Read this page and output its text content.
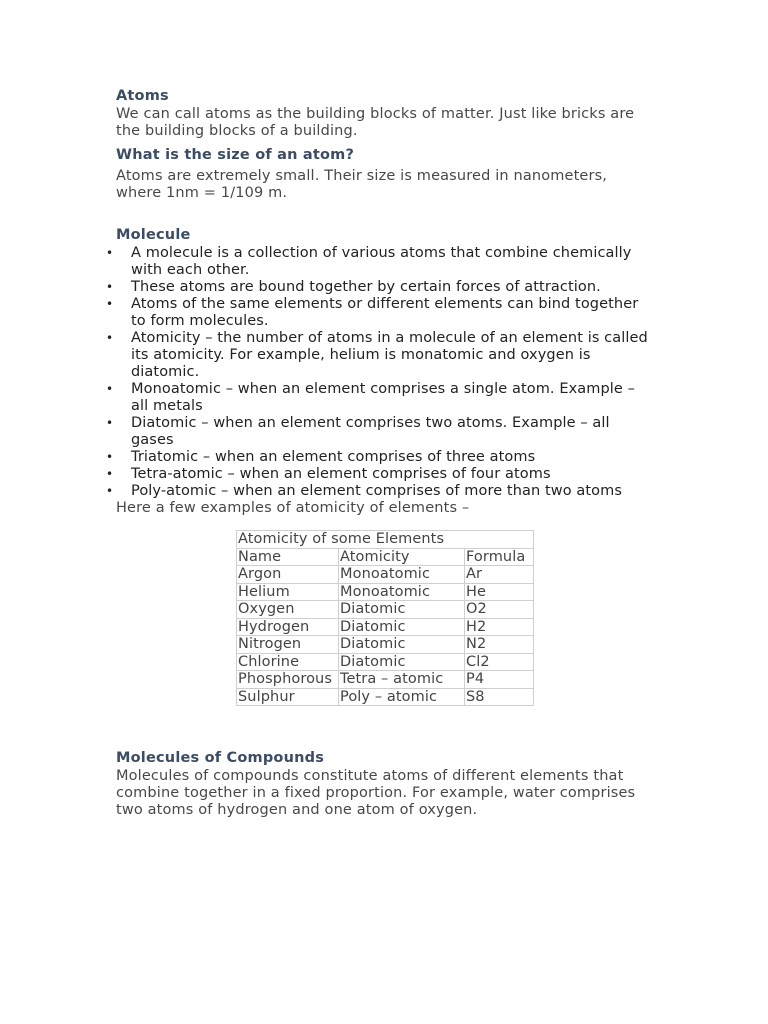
Atoms

We can call atoms as the building blocks of matter. Just like bricks are the building blocks of a building.

What is the size of an atom?

Atoms are extremely small. Their size is measured in nanometers, where 1nm = 1/109 m.

Molecule
• A molecule is a collection of various atoms that combine chemically with each other.
• These atoms are bound together by certain forces of attraction.
• Atoms of the same elements or different elements can bind together to form molecules.
• Atomicity – the number of atoms in a molecule of an element is called its atomicity. For example, helium is monatomic and oxygen is diatomic.
• Monoatomic – when an element comprises a single atom. Example – all metals
• Diatomic – when an element comprises two atoms. Example – all gases
• Triatomic – when an element comprises of three atoms
• Tetra-atomic – when an element comprises of four atoms
• Poly-atomic – when an element comprises of more than two atoms

Here a few examples of atomicity of elements –

Atomicity of some Elements		
Name	Atomicity	Formula
Argon	Monoatomic	Ar
Helium	Monoatomic	He
Oxygen	Diatomic	O2
Hydrogen	Diatomic	H2
Nitrogen	Diatomic	N2
Chlorine	Diatomic	Cl2
Phosphorous	Tetra – atomic	P4
Sulphur	Poly – atomic	S8
Molecules of Compounds

Molecules of compounds constitute atoms of different elements that combine together in a fixed proportion. For example, water comprises two atoms of hydrogen and one atom of oxygen.
